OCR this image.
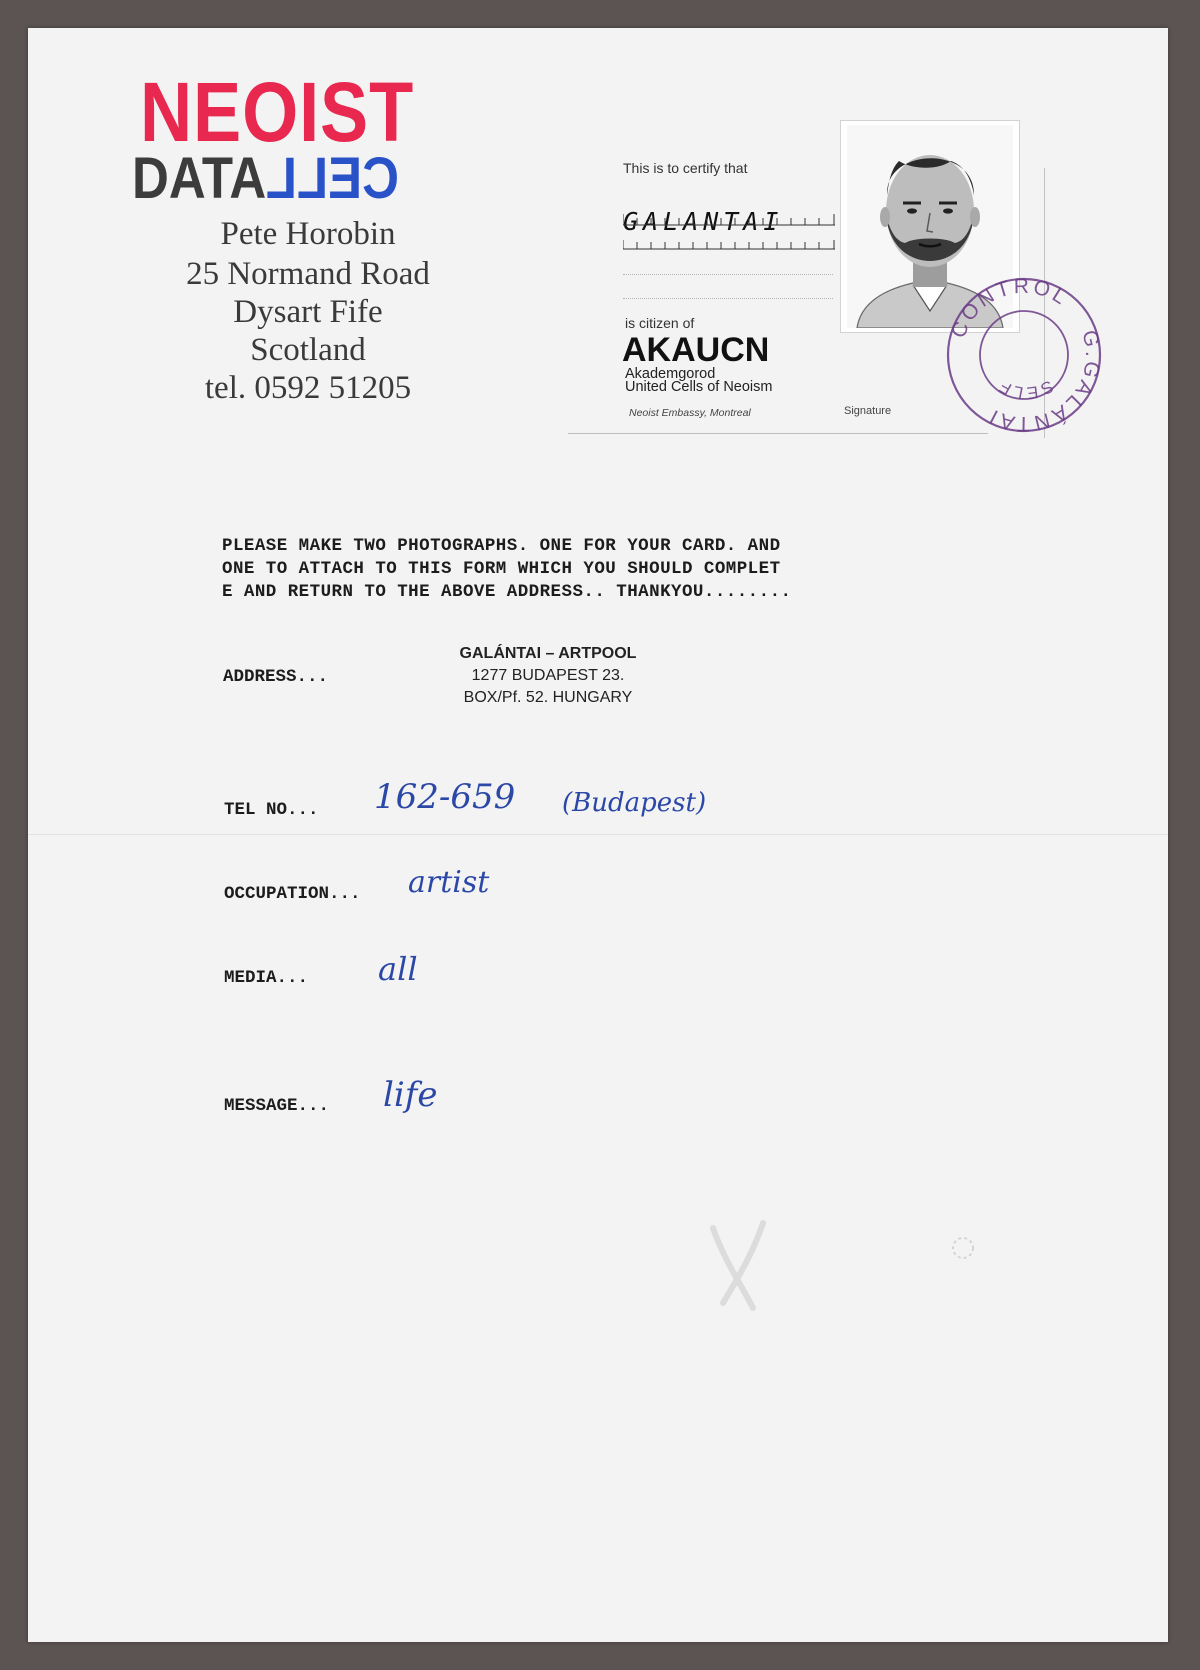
NEOIST
DATACELL
Pete Horobin
25 Normand Road
Dysart Fife
Scotland
tel. 0592 51205
This is to certify that
GALANTAI
is citizen of
AKAUCN
Akademgorod
United Cells of Neoism
Neoist Embassy, Montreal	Signature
G.GALÁNTAI
CONTROL
SELF
PLEASE MAKE TWO PHOTOGRAPHS. ONE FOR YOUR CARD. AND
ONE TO ATTACH TO THIS FORM WHICH YOU SHOULD COMPLET
E AND RETURN TO THE ABOVE ADDRESS.. THANKYOU........
ADDRESS...
GALÁNTAI – ARTPOOL
1277 BUDAPEST 23.
BOX/Pf. 52. HUNGARY
TEL NO... 162-659 (Budapest)
OCCUPATION... artist
MEDIA... all
MESSAGE... life
